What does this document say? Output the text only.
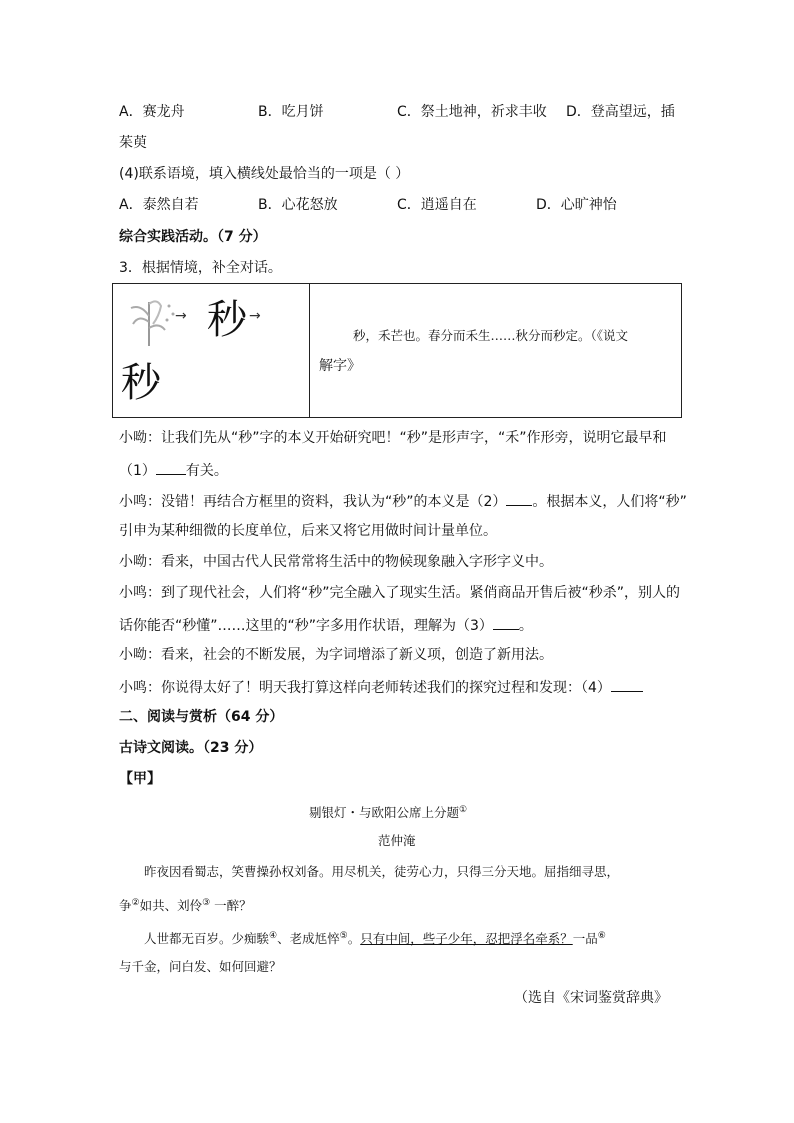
A．赛龙舟	B．吃月饼	C．祭土地神，祈求丰收 D．登高望远，插
茱萸
(4)联系语境，填入横线处最恰当的一项是（ ）
A．泰然自若	B．心花怒放	C．逍遥自在	D．心旷神怡
综合实践活动。（7 分）
3．根据情境，补全对话。
→ 秒 →
秒
秒，禾芒也。春分而禾生……秋分而秒定。（《说文
解字》
小呦：让我们先从“秒”字的本义开始研究吧！“秒”是形声字，“禾”作形旁，说明它最早和
（1） 有关。
小鸣：没错！再结合方框里的资料，我认为“秒”的本义是（2） 。根据本义，人们将“秒”
引申为某种细微的长度单位，后来又将它用做时间计量单位。
小呦：看来，中国古代人民常常将生活中的物候现象融入字形字义中。
小鸣：到了现代社会，人们将“秒”完全融入了现实生活。紧俏商品开售后被“秒杀”，别人的
话你能否“秒懂”……这里的“秒”字多用作状语，理解为（3） 。
小呦：看来，社会的不断发展，为字词增添了新义项，创造了新用法。
小鸣：你说得太好了！明天我打算这样向老师转述我们的探究过程和发现：（4）
二、阅读与赏析（64 分）
古诗文阅读。（23 分）
【甲】
剔银灯・与欧阳公席上分题①
范仲淹
昨夜因看蜀志，笑曹操孙权刘备。用尽机关，徒劳心力，只得三分天地。屈指细寻思，
争②如共、刘伶③ 一醉？
人世都无百岁。少痴騃④、老成尪悴⑤。只有中间，些子少年，忍把浮名牵系？一品⑥
与千金，问白发、如何回避？
（选自《宋词鉴赏辞典》
